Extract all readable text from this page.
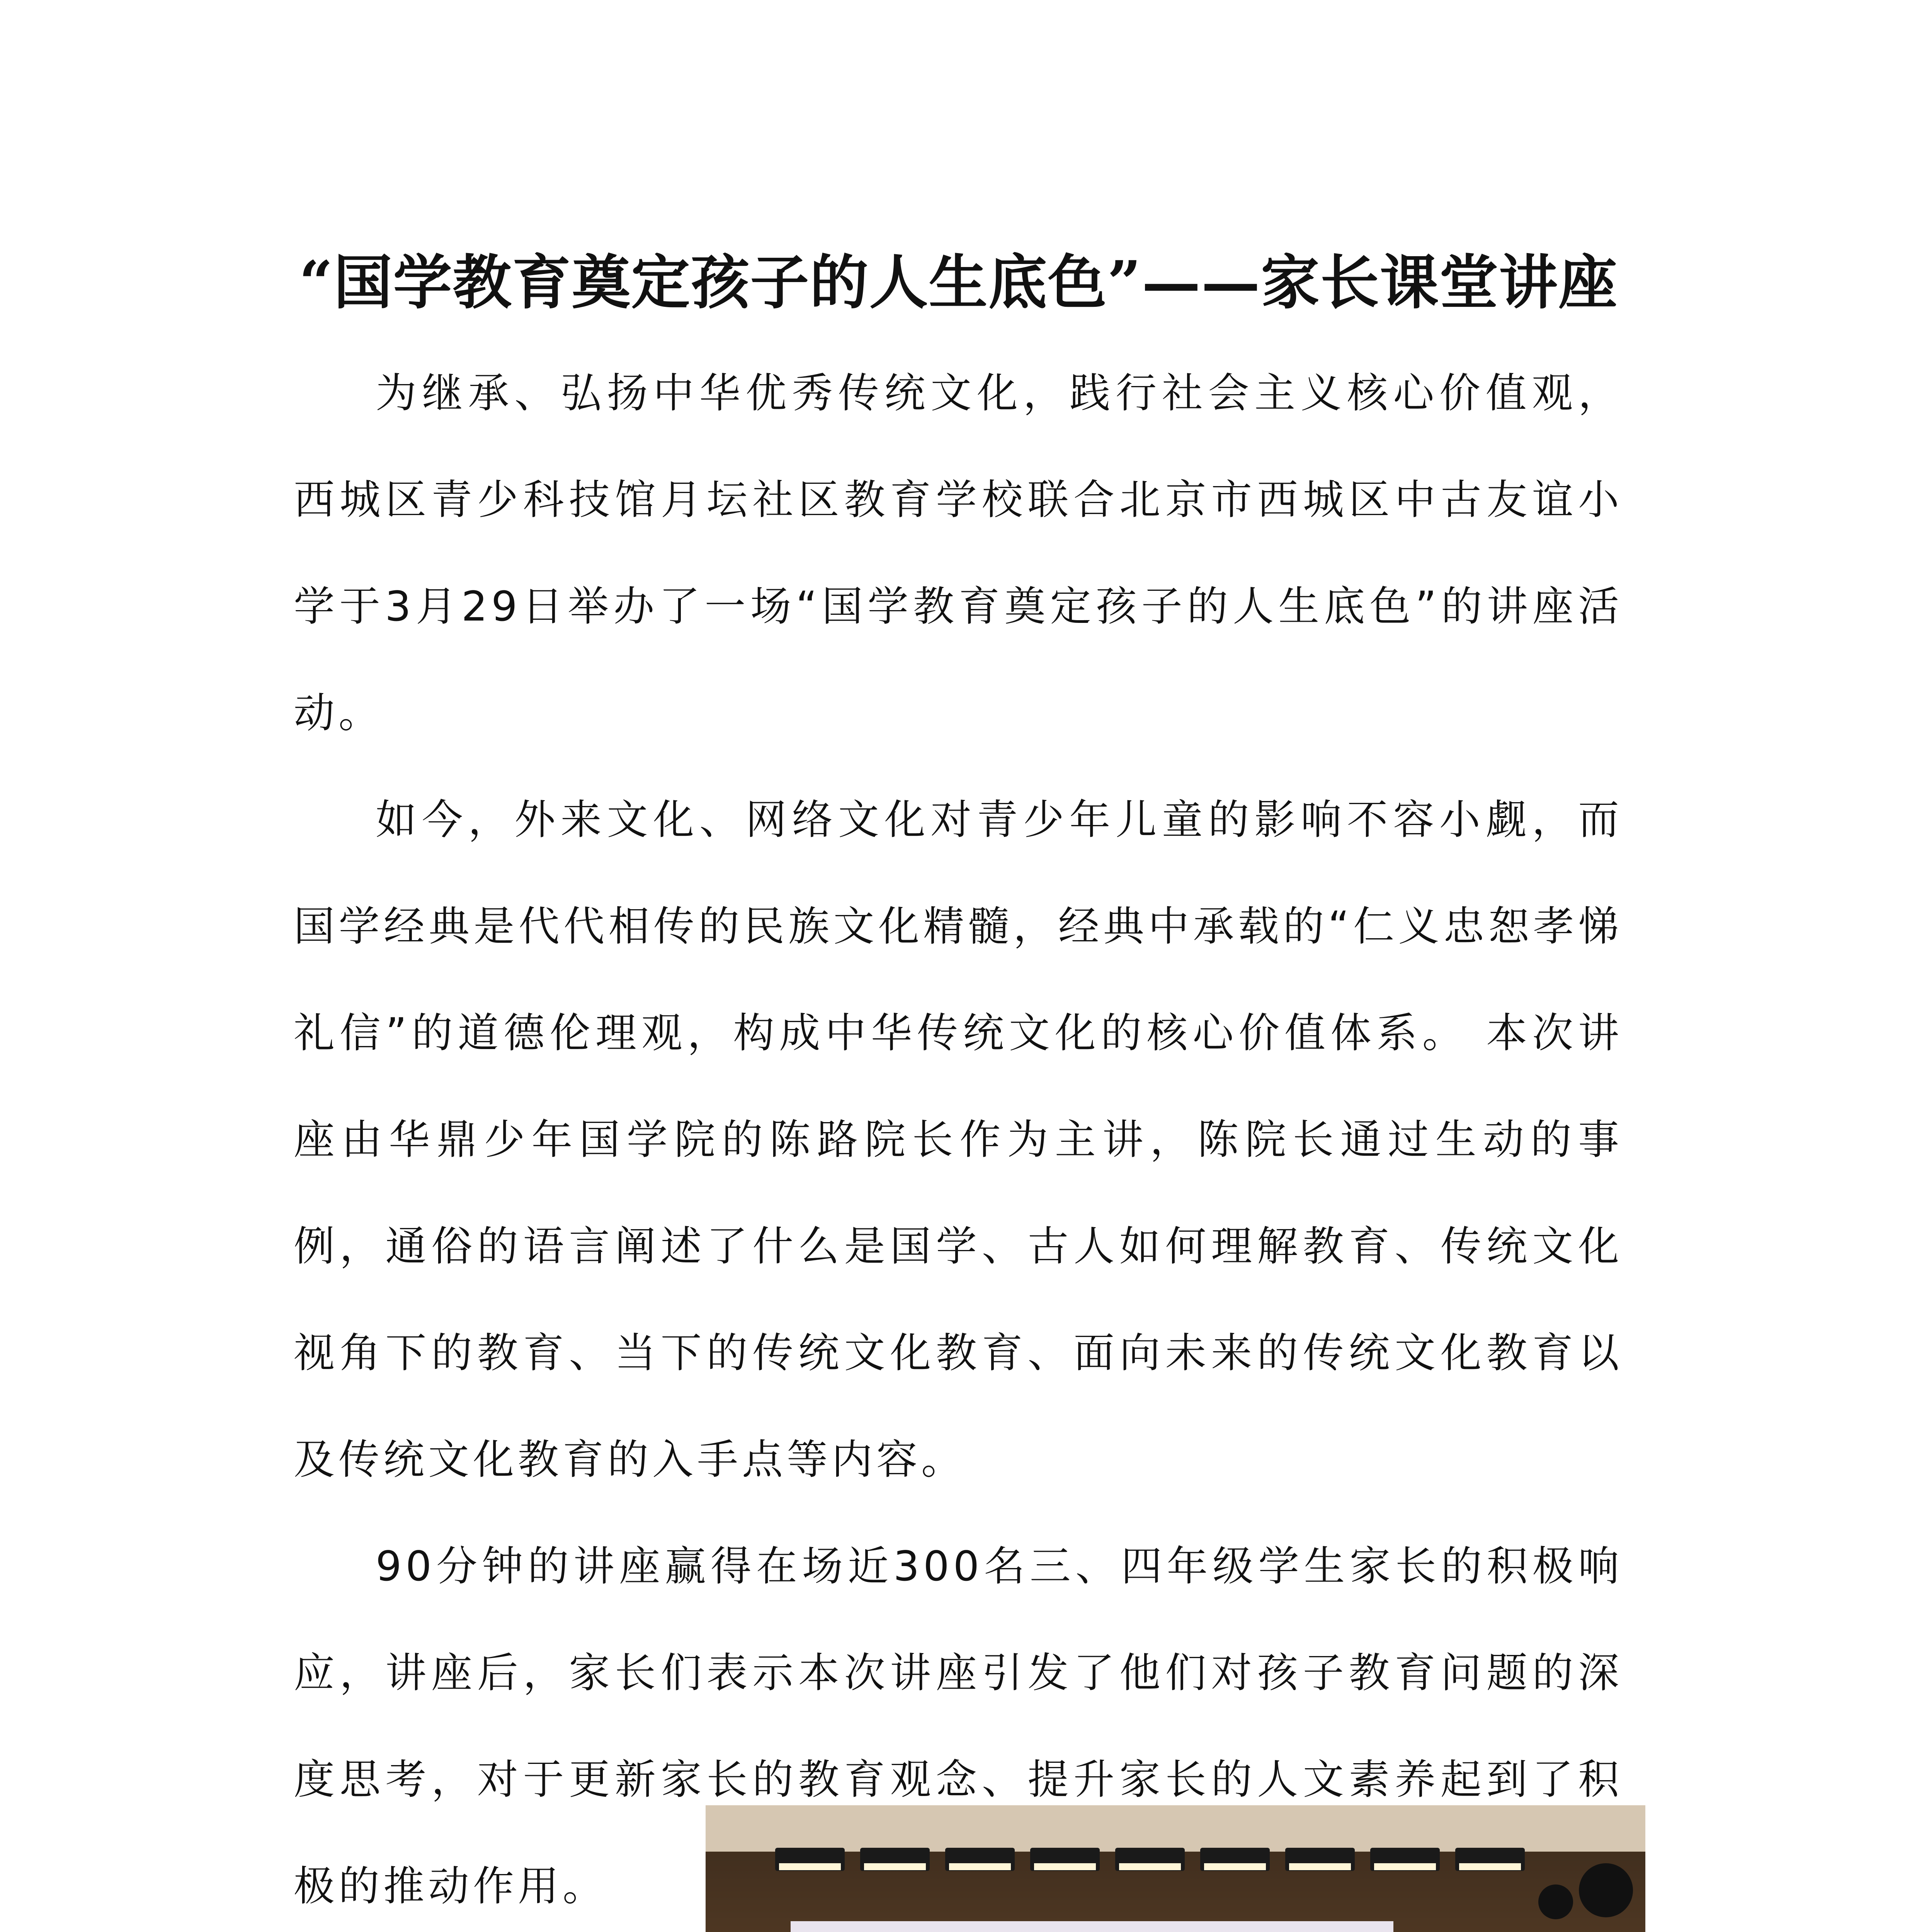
“国学教育奠定孩子的人生底色”——家长课堂讲座

为继承、弘扬中华优秀传统文化，践行社会主义核心价值观，西城区青少科技馆月坛社区教育学校联合北京市西城区中古友谊小学于3月29日举办了一场“国学教育奠定孩子的人生底色”的讲座活动。

如今，外来文化、网络文化对青少年儿童的影响不容小觑，而国学经典是代代相传的民族文化精髓，经典中承载的“仁义忠恕孝悌礼信”的道德伦理观，构成中华传统文化的核心价值体系。 本次讲座由华鼎少年国学院的陈路院长作为主讲，陈院长通过生动的事例，通俗的语言阐述了什么是国学、古人如何理解教育、传统文化视角下的教育、当下的传统文化教育、面向未来的传统文化教育以及传统文化教育的入手点等内容。

90分钟的讲座赢得在场近300名三、四年级学生家长的积极响应，讲座后，家长们表示本次讲座引发了他们对孩子教育问题的深度思考，对于更新家长的教育观念、提升家长的人文素养起到了积极的推动作用。
